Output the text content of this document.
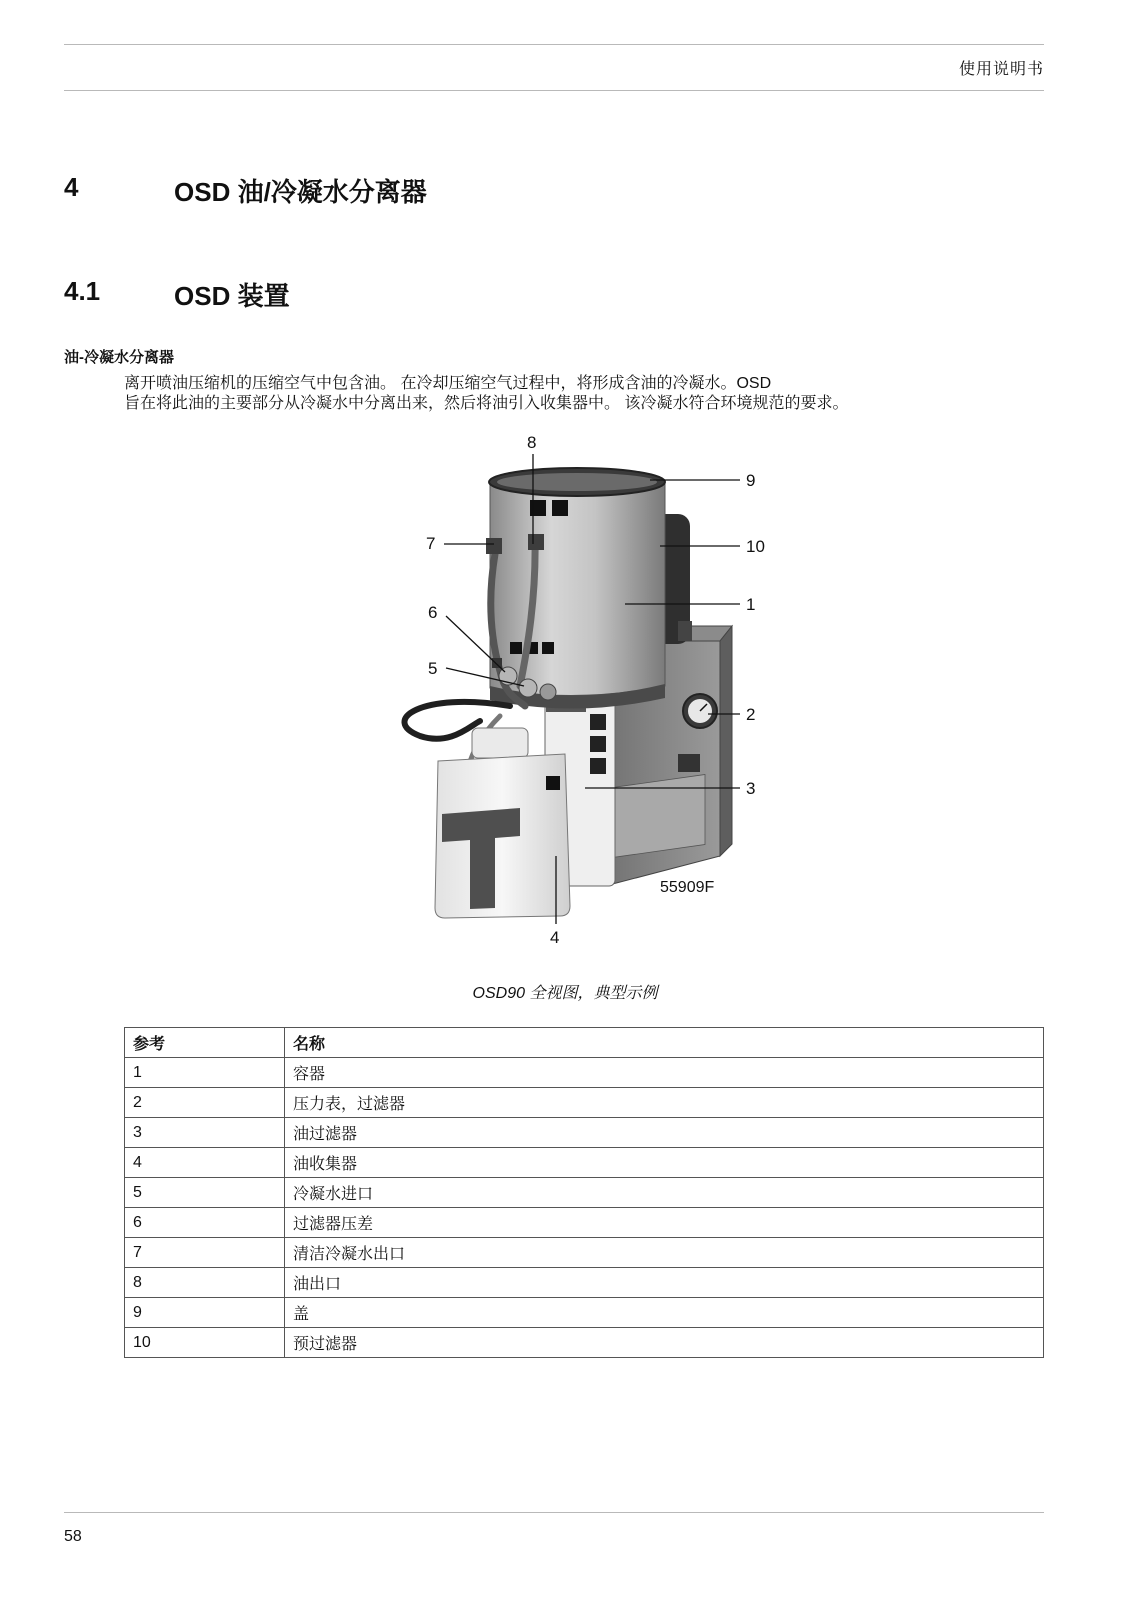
使用说明书
4	OSD 油/冷凝水分离器
4.1	OSD 装置
油-冷凝水分离器
离开喷油压缩机的压缩空气中包含油。 在冷却压缩空气过程中，将形成含油的冷凝水。OSD
旨在将此油的主要部分从冷凝水中分离出来，然后将油引入收集器中。 该冷凝水符合环境规范的要求。
8
9
10
1
2
3
7
6
5
4
55909F
OSD90 全视图，典型示例
参考	名称
1	容器
2	压力表，过滤器
3	油过滤器
4	油收集器
5	冷凝水进口
6	过滤器压差
7	清洁冷凝水出口
8	油出口
9	盖
10	预过滤器
58
